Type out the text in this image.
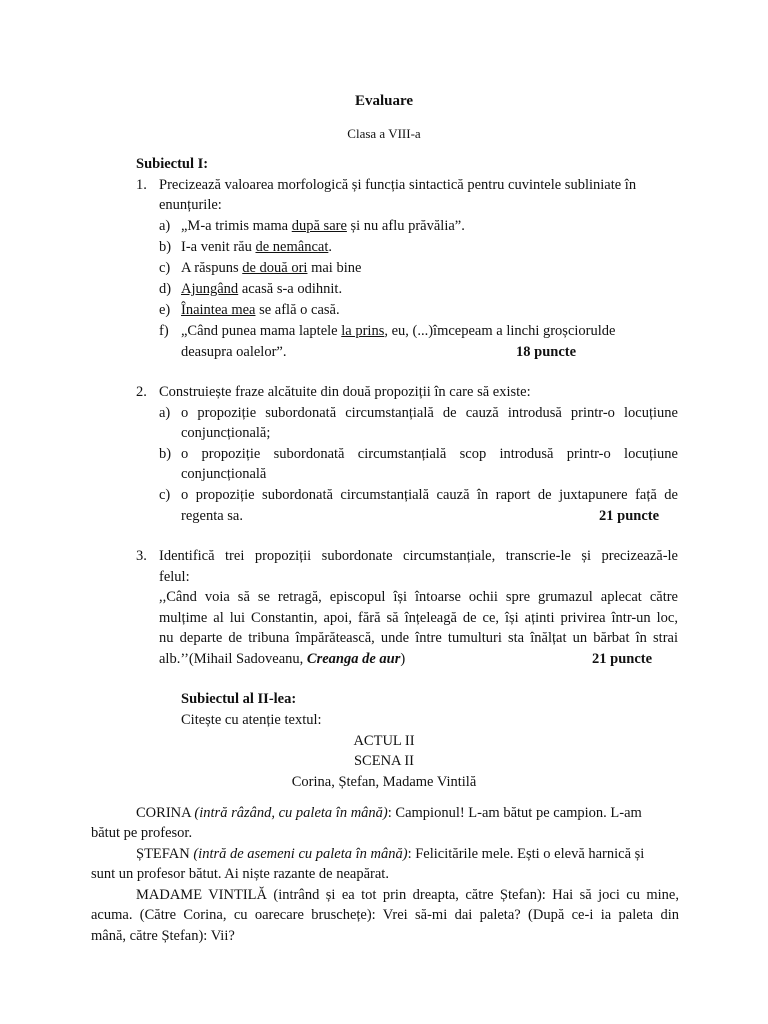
Evaluare
Clasa a VIII-a
Subiectul I:
1. Precizează valoarea morfologică și funcția sintactică pentru cuvintele subliniate în
enunțurile:
a) „M-a trimis mama după sare și nu aflu prăvălia”.
b) I-a venit rău de nemâncat.
c) A răspuns de două ori mai bine
d) Ajungând acasă s-a odihnit.
e) Înaintea mea se află o casă.
f) „Când punea mama laptele la prins, eu, (...)îmcepeam a linchi groșciorulde
deasupra oalelor”.	18 puncte
2. Construiește fraze alcătuite din două propoziții în care să existe:
a) o propoziție subordonată circumstanțială de cauză introdusă printr-o locuțiune
conjuncțională;
b) o propoziție subordonată circumstanțială scop introdusă printr-o locuțiune
conjuncțională
c) o propoziție subordonată circumstanțială cauză în raport de juxtapunere față de
regenta sa.	21 puncte
3. Identifică trei propoziții subordonate circumstanțiale, transcrie-le și precizează-le
felul:
,,Când voia să se retragă, episcopul își întoarse ochii spre grumazul aplecat către
mulțime al lui Constantin, apoi, fără să înțeleagă de ce, își aținti privirea într-un loc,
nu departe de tribuna împărătească, unde între tumulturi sta înălțat un bărbat în strai
alb.’’(Mihail Sadoveanu, Creanga de aur)	21 puncte
Subiectul al II-lea:
Citește cu atenție textul:
ACTUL II
SCENA II
Corina, Ștefan, Madame Vintilă
CORINA (intră râzând, cu paleta în mână): Campionul! L-am bătut pe campion. L-am
bătut pe profesor.
ȘTEFAN (intră de asemeni cu paleta în mână): Felicitările mele. Ești o elevă harnică și
sunt un profesor bătut. Ai niște razante de neapărat.
MADAME VINTILĂ (intrând și ea tot prin dreapta, către Ștefan): Hai să joci cu mine,
acuma. (Către Corina, cu oarecare bruschețe): Vrei să-mi dai paleta? (După ce-i ia paleta din
mână, către Ștefan): Vii?
